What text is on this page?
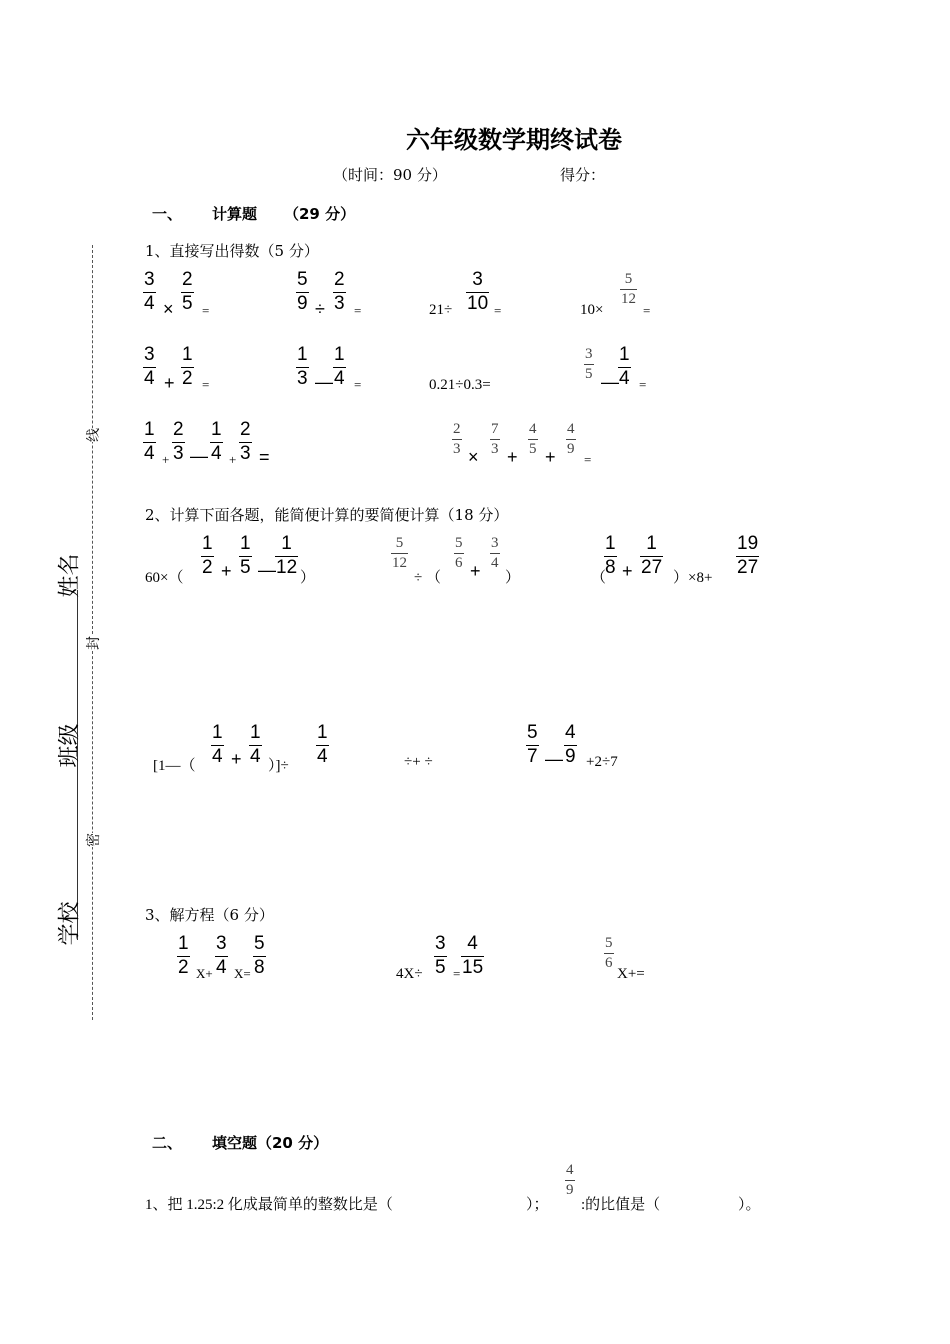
学校
班级
姓名
密
封
线
六年级数学期终试卷
（时间：90 分）	得分：
一、 计算题 （29 分）
1、直接写出得数（5 分）
3
4 ×
2
5 =
5
9 ÷
2
3 =	21÷
3
10 =	10×
5
12
=
3
4 +
1
2 =
1
3 —
1
4 =	0.21÷0.3=
3
5 —
1
4 =
1
4 +
2
3 —
1
4 +
2
3 =
2
3 ×
7
3 +
4
5 +
4
9
=
2、计算下面各题，能简便计算的要简便计算（18 分）
60×（
1
2 +
1
5 —
1
12 ）
5
12
÷ （
5
6 +
3
4
）	（
1
8 +
1
27 ）×8+
19
27
[1—（
1
4 +
1
4 ）]÷
1
4	÷+ ÷
5
7 —
4
9 +2÷7
3、解方程（6 分）
1
2 X+
3
4 X=
5
8	4X÷
3
5 =
4
15
5
6
X+=
二、 填空题（20 分）
1、把 1.25:2 化成最简单的整数比是（	）；
4
9
:的比值是（	）。
